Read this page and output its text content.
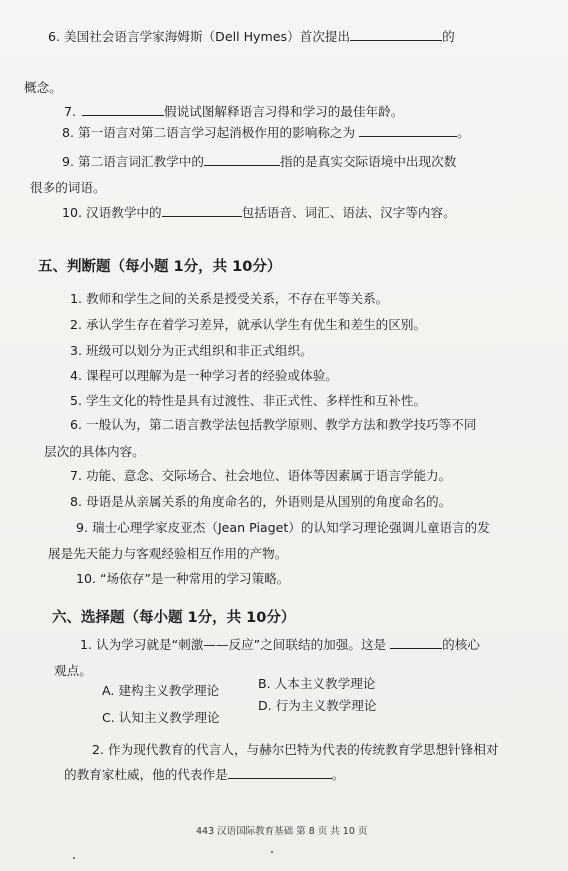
6. 美国社会语言学家海姆斯（Dell Hymes）首次提出	的
概念。
7.	假说试图解释语言习得和学习的最佳年龄。
8. 第一语言对第二语言学习起消极作用的影响称之为	。
9. 第二语言词汇教学中的	指的是真实交际语境中出现次数
很多的词语。
10. 汉语教学中的	包括语音、词汇、语法、汉字等内容。
五、判断题（每小题 1分，共 10分）
1. 教师和学生之间的关系是授受关系，不存在平等关系。
2. 承认学生存在着学习差异，就承认学生有优生和差生的区别。
3. 班级可以划分为正式组织和非正式组织。
4. 课程可以理解为是一种学习者的经验或体验。
5. 学生文化的特性是具有过渡性、非正式性、多样性和互补性。
6. 一般认为，第二语言教学法包括教学原则、教学方法和教学技巧等不同
层次的具体内容。
7. 功能、意念、交际场合、社会地位、语体等因素属于语言学能力。
8. 母语是从亲属关系的角度命名的，外语则是从国别的角度命名的。
9. 瑞士心理学家皮亚杰（Jean Piaget）的认知学习理论强调儿童语言的发
展是先天能力与客观经验相互作用的产物。
10. “场依存”是一种常用的学习策略。
六、选择题（每小题 1分，共 10分）
1. 认为学习就是“刺激——反应”之间联结的加强。这是	的核心
观点。
A. 建构主义教学理论	B. 人本主义教学理论
C. 认知主义教学理论
D. 行为主义教学理论
2. 作为现代教育的代言人，与赫尔巴特为代表的传统教育学思想针锋相对
的教育家杜威，他的代表作是	。
443 汉语国际教育基础 第 8 页 共 10 页
